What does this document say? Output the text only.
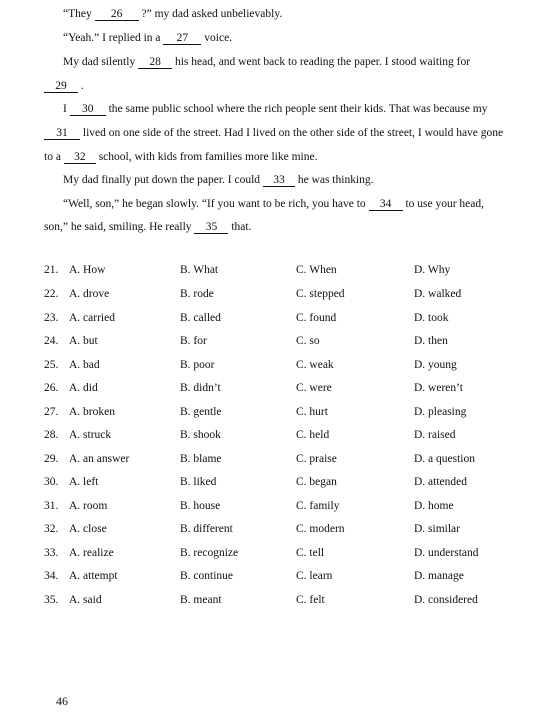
“They 26 ?” my dad asked unbelievably.
“Yeah.” I replied in a 27 voice.
My dad silently 28 his head, and went back to reading the paper. I stood waiting for
29 .
I 30 the same public school where the rich people sent their kids. That was because my
31 lived on one side of the street. Had I lived on the other side of the street, I would have gone
to a 32 school, with kids from families more like mine.
My dad finally put down the paper. I could 33 he was thinking.
“Well, son,” he began slowly. “If you want to be rich, you have to 34 to use your head,
son,” he said, smiling. He really 35 that.
21. A. How	B. What	C. When	D. Why
22. A. drove	B. rode	C. stepped	D. walked
23. A. carried	B. called	C. found	D. took
24. A. but	B. for	C. so	D. then
25. A. bad	B. poor	C. weak	D. young
26. A. did	B. didn’t	C. were	D. weren’t
27. A. broken	B. gentle	C. hurt	D. pleasing
28. A. struck	B. shook	C. held	D. raised
29. A. an answer	B. blame	C. praise	D. a question
30. A. left	B. liked	C. began	D. attended
31. A. room	B. house	C. family	D. home
32. A. close	B. different	C. modern	D. similar
33. A. realize	B. recognize	C. tell	D. understand
34. A. attempt	B. continue	C. learn	D. manage
35. A. said	B. meant	C. felt	D. considered
46
